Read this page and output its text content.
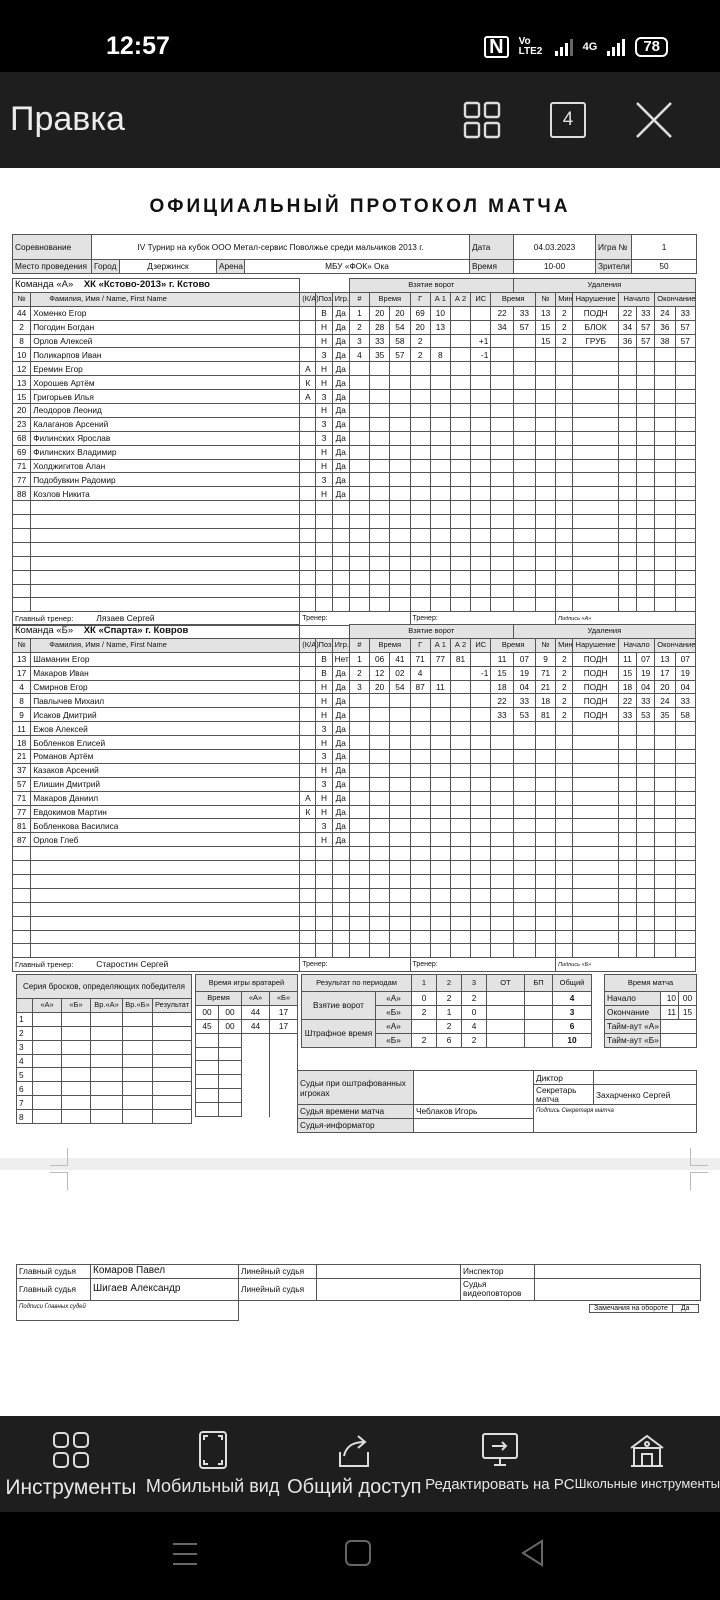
12:57	N	Vo LTE2	4G	78
Правка	4
ОФИЦИАЛЬНЫЙ ПРОТОКОЛ МАТЧА
Соревнование	IV Турнир на кубок ООО Метал-сервис Поволжье среди мальчиков 2013 г.				Дата	04.03.2023	Игра №	1
Место проведения	Город	Дзержинск	Арена	МБУ «ФОК» Ока	Время	10-00	Зрители	50
Команда «А» ХК «Кстово-2013» г. Кстово					Взятие ворот								Удаления							
№	Фамилия, Имя / Name, First Name	(К/А)	Поз.	Игр.	#	Время		Г	А 1	А 2	ИС	Время		№	Мин	Нарушение	Начало		Окончание	
44	Хоменко Егор		В	Да	1	20	20	69	10			22	33	13	2	ПОДН	22	33	24	33
2	Погодин Богдан		Н	Да	2	28	54	20	13			34	57	15	2	БЛОК	34	57	36	57
8	Орлов Алексей		Н	Да	3	33	58	2			+1			15	2	ГРУБ	36	57	38	57
10	Поликарпов Иван		З	Да	4	35	57	2	8		-1									
12	Еремин Егор	А	Н	Да																
13	Хорошев Артём	К	Н	Да																
15	Григорьев Илья	А	З	Да																
20	Леодоров Леонид		Н	Да																
23	Калаганов Арсений		З	Да																
68	Филинских Ярослав		З	Да																
69	Филинских Владимир		Н	Да																
71	Холджигитов Алан		Н	Да																
77	Подобувкин Радомир		З	Да																
88	Козлов Никита		Н	Да																

Главный тренер: Лязаев Сергей		Тренер:						Тренер:							Подпись «А»					
Команда «Б» ХК «Спарта» г. Ковров					Взятие ворот								Удаления							
№	Фамилия, Имя / Name, First Name	(К/А)	Поз.	Игр.	#	Время		Г	А 1	А 2	ИС	Время		№	Мин	Нарушение	Начало		Окончание	
13	Шаманин Егор		В	Нет	1	06	41	71	77	81		11	07	9	2	ПОДН	11	07	13	07
17	Макаров Иван		В	Да	2	12	02	4			-1	15	19	71	2	ПОДН	15	19	17	19
4	Смирнов Егор		Н	Да	3	20	54	87	11			18	04	21	2	ПОДН	18	04	20	04
8	Павлычев Михаил		Н	Да								22	33	18	2	ПОДН	22	33	24	33
9	Исаков Дмитрий		Н	Да								33	53	81	2	ПОДН	33	53	35	58
11	Ежов Алексей		З	Да																
18	Бобленков Елисей		Н	Да																
21	Романов Артём		З	Да																
37	Казаков Арсений		Н	Да																
57	Елишин Дмитрий		З	Да																
71	Макаров Даниил	А	Н	Да																
77	Евдокимов Мартин	К	Н	Да																
81	Бобленкова Василиса		З	Да																
87	Орлов Глеб		Н	Да																

Главный тренер: Старостин Сергей		Тренер:						Тренер:							Подпись «Б»					
Серия бросков, определяющих победителя					
	«А»	«Б»	Вр.«А»	Вр.«Б»	Результат
1					
2					
3					
4					
5					
6					
7					
8					
Время игры вратарей			
Время		«А»	«Б»
00	00	44	17
45	00	44	17

Результат по периодам		1	2	3	ОТ	БП	Общий
Взятие ворот	«А»	0	2	2			4
	«Б»	2	1	0			3
Штрафное время	«А»		2	4			6
	«Б»	2	6	2			10
Время матча		
Начало	10	00
Окончание	11	15
Тайм-аут «А»		
Тайм-аут «Б»		
Судьи при оштрафованных игроках		Диктор	
		Секретарь матча	Захарченко Сергей
Судья времени матча	Чеблаков Игорь	Подпись Секретаря матча	
Судья-информатор			
Главный судья	Комаров Павел	Линейный судья		Инспектор	
Главный судья	Шигаев Александр	Линейный судья		Судья видеоповторов	
Подписи Главных судей		Замечания на обороте Да			
Инструменты Мобильный вид Общий доступ Редактировать на PC Школьные инструменты
